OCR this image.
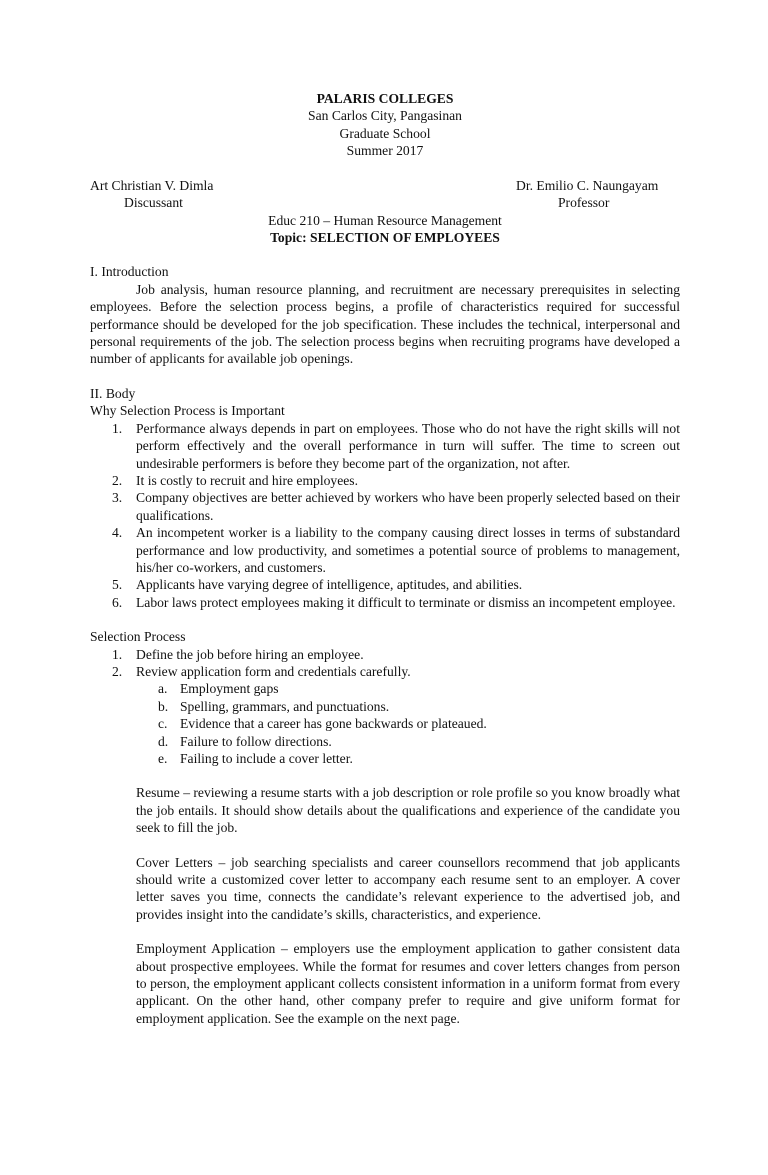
PALARIS COLLEGES
San Carlos City, Pangasinan
Graduate School
Summer 2017
Art Christian V. Dimla
Discussant
Dr. Emilio C. Naungayam
Professor
Educ 210 – Human Resource Management
Topic: SELECTION OF EMPLOYEES
I. Introduction
Job analysis, human resource planning, and recruitment are necessary prerequisites in selecting employees. Before the selection process begins, a profile of characteristics required for successful performance should be developed for the job specification. These includes the technical, interpersonal and personal requirements of the job. The selection process begins when recruiting programs have developed a number of applicants for available job openings.
II. Body
Why Selection Process is Important
1. Performance always depends in part on employees. Those who do not have the right skills will not perform effectively and the overall performance in turn will suffer. The time to screen out undesirable performers is before they become part of the organization, not after.
2. It is costly to recruit and hire employees.
3. Company objectives are better achieved by workers who have been properly selected based on their qualifications.
4. An incompetent worker is a liability to the company causing direct losses in terms of substandard performance and low productivity, and sometimes a potential source of problems to management, his/her co-workers, and customers.
5. Applicants have varying degree of intelligence, aptitudes, and abilities.
6. Labor laws protect employees making it difficult to terminate or dismiss an incompetent employee.
Selection Process
1. Define the job before hiring an employee.
2. Review application form and credentials carefully.
a. Employment gaps
b. Spelling, grammars, and punctuations.
c. Evidence that a career has gone backwards or plateaued.
d. Failure to follow directions.
e. Failing to include a cover letter.
Resume – reviewing a resume starts with a job description or role profile so you know broadly what the job entails. It should show details about the qualifications and experience of the candidate you seek to fill the job.
Cover Letters – job searching specialists and career counsellors recommend that job applicants should write a customized cover letter to accompany each resume sent to an employer. A cover letter saves you time, connects the candidate’s relevant experience to the advertised job, and provides insight into the candidate’s skills, characteristics, and experience.
Employment Application – employers use the employment application to gather consistent data about prospective employees. While the format for resumes and cover letters changes from person to person, the employment applicant collects consistent information in a uniform format from every applicant. On the other hand, other company prefer to require and give uniform format for employment application. See the example on the next page.
